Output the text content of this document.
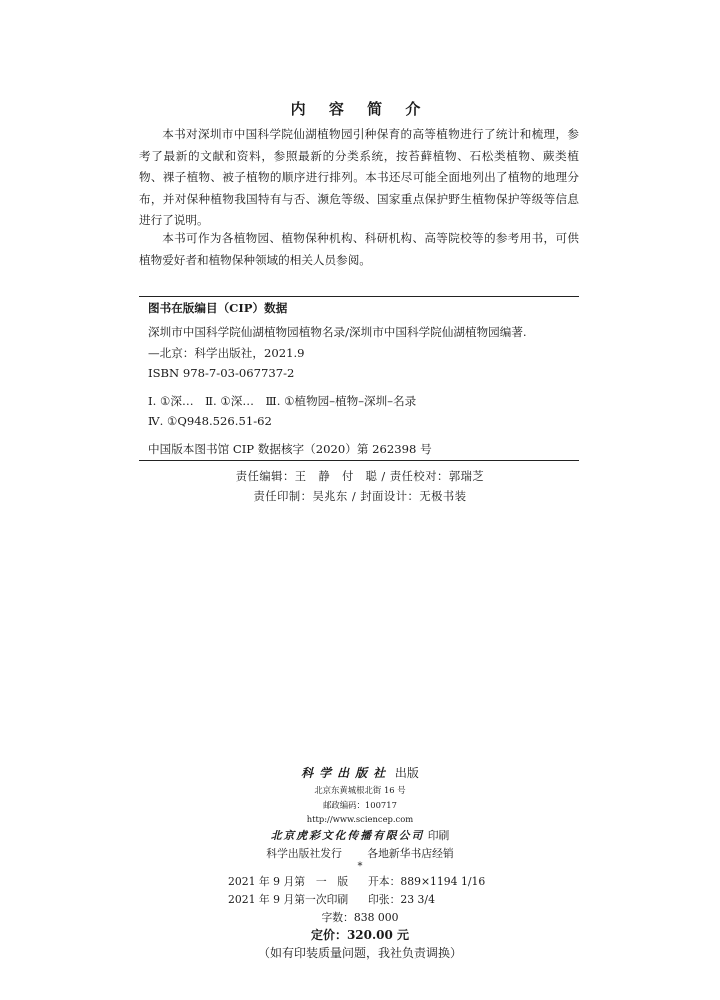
内 容 简 介

本书对深圳市中国科学院仙湖植物园引种保育的高等植物进行了统计和梳理，参考了最新的文献和资料，参照最新的分类系统，按苔藓植物、石松类植物、蕨类植物、裸子植物、被子植物的顺序进行排列。本书还尽可能全面地列出了植物的地理分布，并对保种植物我国特有与否、濒危等级、国家重点保护野生植物保护等级等信息进行了说明。

本书可作为各植物园、植物保种机构、科研机构、高等院校等的参考用书，可供植物爱好者和植物保种领域的相关人员参阅。

图书在版编目（CIP）数据
深圳市中国科学院仙湖植物园植物名录/深圳市中国科学院仙湖植物园编著.
—北京：科学出版社，2021.9
ISBN 978-7-03-067737-2
Ⅰ. ①深…　Ⅱ. ①深…　Ⅲ. ①植物园–植物–深圳–名录
Ⅳ. ①Q948.526.51-62
中国版本图书馆 CIP 数据核字（2020）第 262398 号
责任编辑：王　静　付　聪 / 责任校对：郭瑞芝
责任印制：吴兆东 / 封面设计：无极书装
科学出版社 出版
北京东黄城根北街 16 号
邮政编码：100717
http://www.sciencep.com
北京虎彩文化传播有限公司 印刷
科学出版社发行 各地新华书店经销
*
2021 年 9 月第　一　版 开本：889×1194 1/16
2021 年 9 月第一次印刷 印张：23 3/4
字数：838 000
定价：320.00 元
（如有印装质量问题，我社负责调换）
